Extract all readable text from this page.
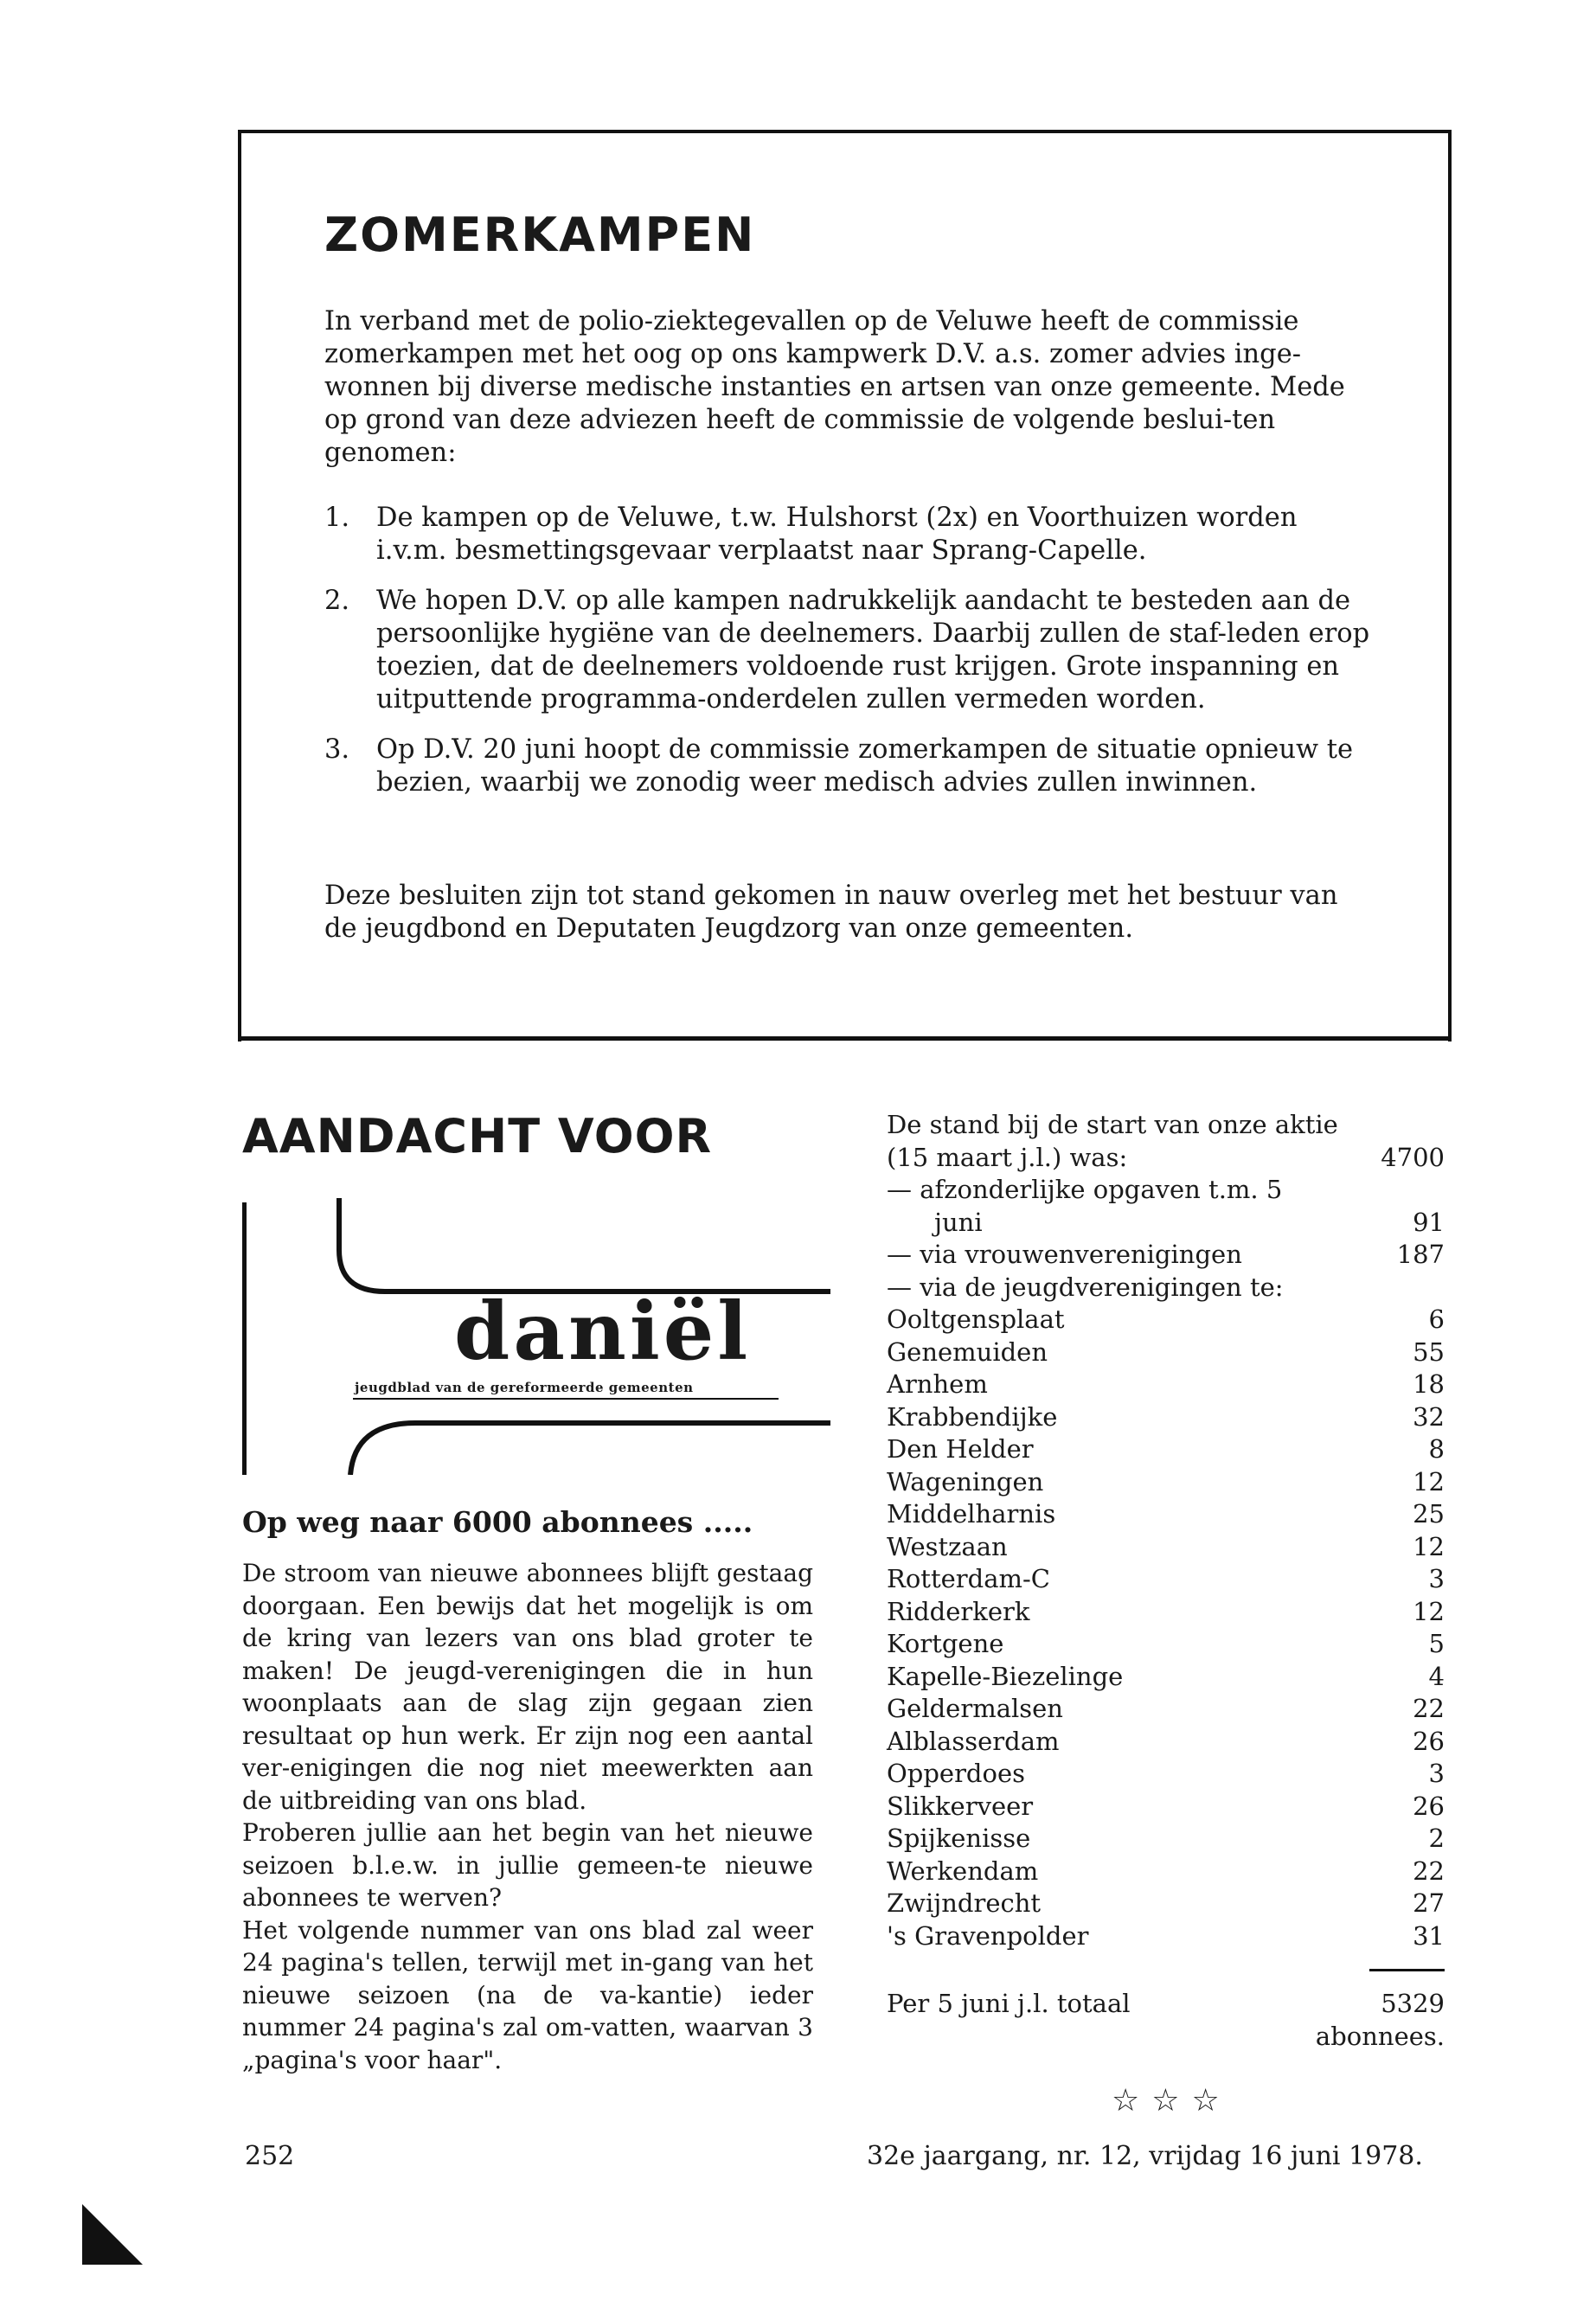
ZOMERKAMPEN

In verband met de polio-ziektegevallen op de Veluwe heeft de commissie zomerkampen met het oog op ons kampwerk D.V. a.s. zomer advies inge-wonnen bij diverse medische instanties en artsen van onze gemeente. Mede op grond van deze adviezen heeft de commissie de volgende beslui-ten genomen:

1.	De kampen op de Veluwe, t.w. Hulshorst (2x) en Voorthuizen worden i.v.m. besmettingsgevaar verplaatst naar Sprang-Capelle.
2.	We hopen D.V. op alle kampen nadrukkelijk aandacht te besteden aan de persoonlijke hygiëne van de deelnemers. Daarbij zullen de staf-leden erop toezien, dat de deelnemers voldoende rust krijgen. Grote inspanning en uitputtende programma-onderdelen zullen vermeden worden.
3.	Op D.V. 20 juni hoopt de commissie zomerkampen de situatie opnieuw te bezien, waarbij we zonodig weer medisch advies zullen inwinnen.

Deze besluiten zijn tot stand gekomen in nauw overleg met het bestuur van de jeugdbond en Deputaten Jeugdzorg van onze gemeenten.

AANDACHT VOOR

daniël

jeugdblad van de gereformeerde gemeenten

Op weg naar 6000 abonnees .....

De stroom van nieuwe abonnees blijft gestaag doorgaan. Een bewijs dat het mogelijk is om de kring van lezers van ons blad groter te maken! De jeugd-verenigingen die in hun woonplaats aan de slag zijn gegaan zien resultaat op hun werk. Er zijn nog een aantal ver-enigingen die nog niet meewerkten aan de uitbreiding van ons blad.

Proberen jullie aan het begin van het nieuwe seizoen b.l.e.w. in jullie gemeen-te nieuwe abonnees te werven?

Het volgende nummer van ons blad zal weer 24 pagina's tellen, terwijl met in-gang van het nieuwe seizoen (na de va-kantie) ieder nummer 24 pagina's zal om-vatten, waarvan 3 „pagina's voor haar".

De stand bij de start van onze aktie
(15 maart j.l.) was:	4700
— afzonderlijke opgaven t.m. 5
juni	91
— via vrouwenverenigingen	187
— via de jeugdverenigingen te:
Ooltgensplaat	6
Genemuiden	55
Arnhem	18
Krabbendijke	32
Den Helder	8
Wageningen	12
Middelharnis	25
Westzaan	12
Rotterdam-C	3
Ridderkerk	12
Kortgene	5
Kapelle-Biezelinge	4
Geldermalsen	22
Alblasserdam	26
Opperdoes	3
Slikkerveer	26
Spijkenisse	2
Werkendam	22
Zwijndrecht	27
's Gravenpolder	31
Per 5 juni j.l. totaal	5329
abonnees.

☆☆☆

252	32e jaargang, nr. 12, vrijdag 16 juni 1978.
